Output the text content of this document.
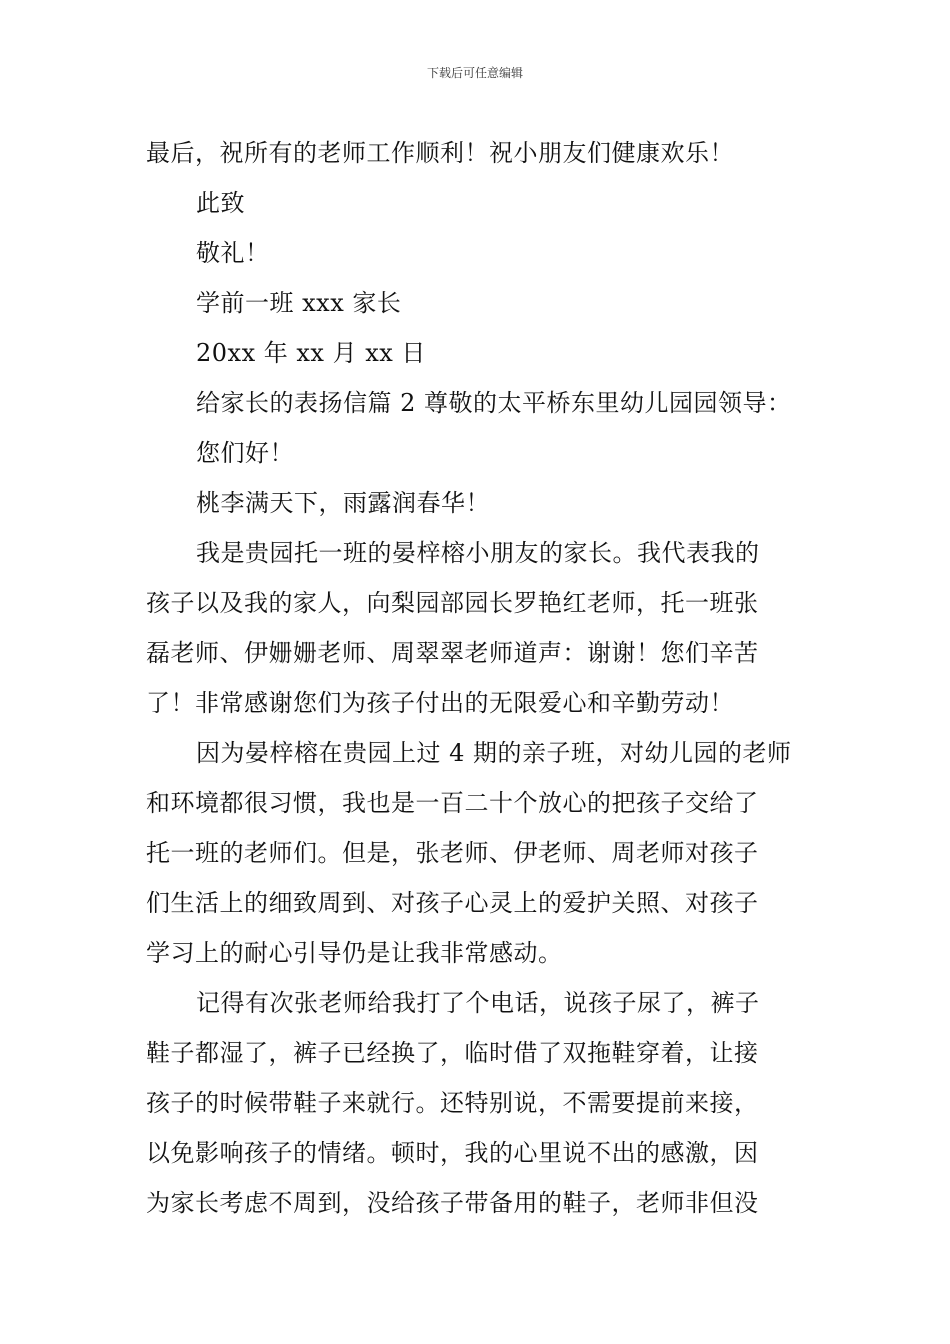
下载后可任意编辑
最后，祝所有的老师工作顺利！祝小朋友们健康欢乐！
此致
敬礼！
学前一班 xxx 家长
20xx 年 xx 月 xx 日
给家长的表扬信篇 2 尊敬的太平桥东里幼儿园园领导：
您们好！
桃李满天下，雨露润春华！
我是贵园托一班的晏梓榕小朋友的家长。我代表我的
孩子以及我的家人，向梨园部园长罗艳红老师，托一班张
磊老师、伊姗姗老师、周翠翠老师道声：谢谢！您们辛苦
了！非常感谢您们为孩子付出的无限爱心和辛勤劳动！
因为晏梓榕在贵园上过 4 期的亲子班，对幼儿园的老师
和环境都很习惯，我也是一百二十个放心的把孩子交给了
托一班的老师们。但是，张老师、伊老师、周老师对孩子
们生活上的细致周到、对孩子心灵上的爱护关照、对孩子
学习上的耐心引导仍是让我非常感动。
记得有次张老师给我打了个电话，说孩子尿了，裤子
鞋子都湿了，裤子已经换了，临时借了双拖鞋穿着，让接
孩子的时候带鞋子来就行。还特别说，不需要提前来接，
以免影响孩子的情绪。顿时，我的心里说不出的感激，因
为家长考虑不周到，没给孩子带备用的鞋子，老师非但没
